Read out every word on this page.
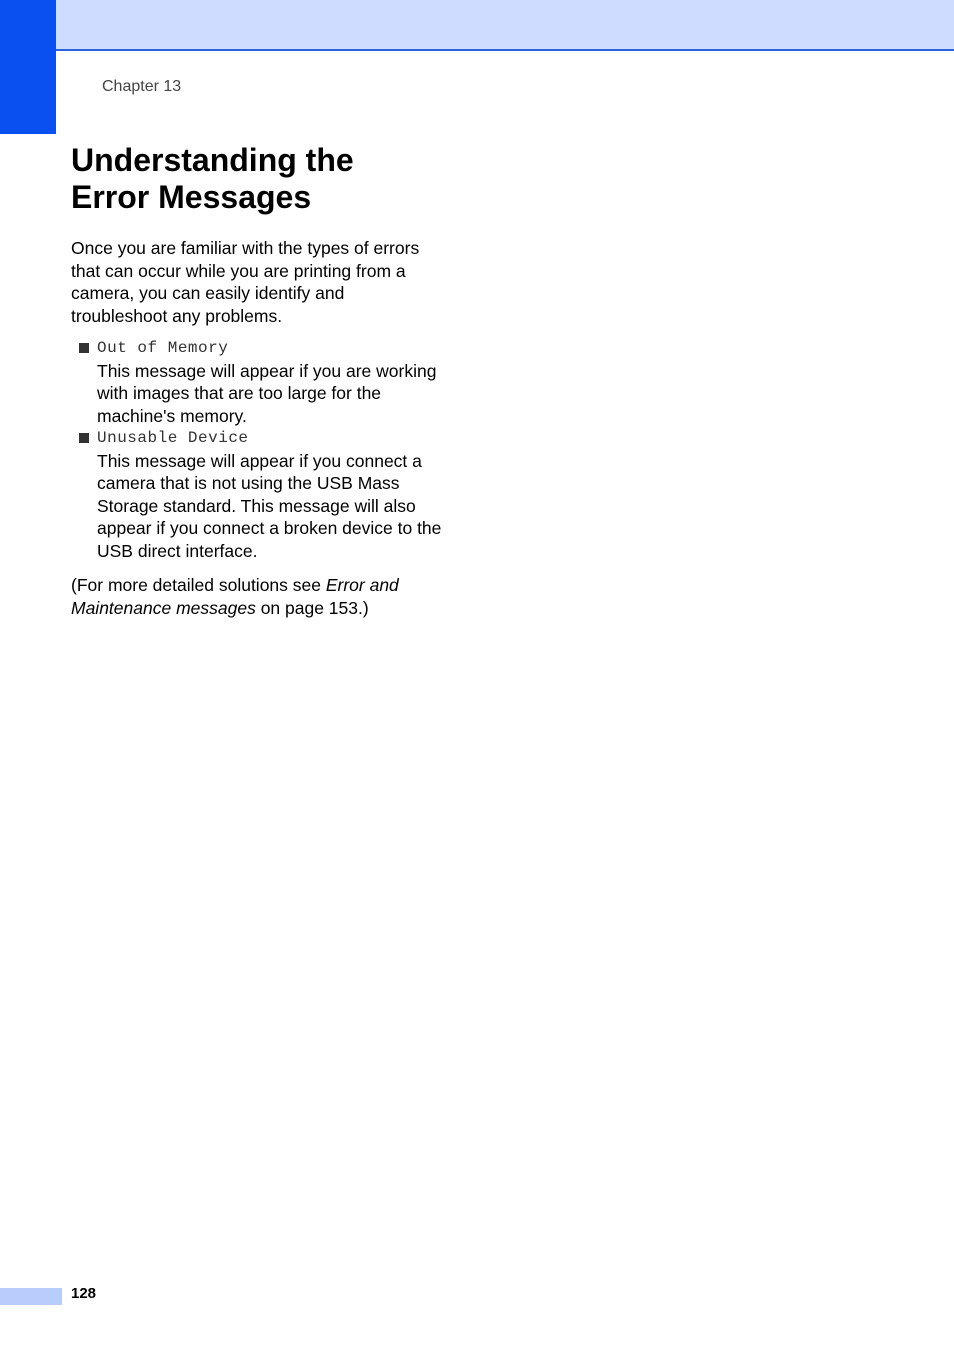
Chapter 13
Understanding the
Error Messages

Once you are familiar with the types of errors that can occur while you are printing from a camera, you can easily identify and troubleshoot any problems.

Out of Memory

This message will appear if you are working with images that are too large for the machine's memory.

Unusable Device

This message will appear if you connect a camera that is not using the USB Mass Storage standard. This message will also appear if you connect a broken device to the USB direct interface.

(For more detailed solutions see Error and Maintenance messages on page 153.)

128
